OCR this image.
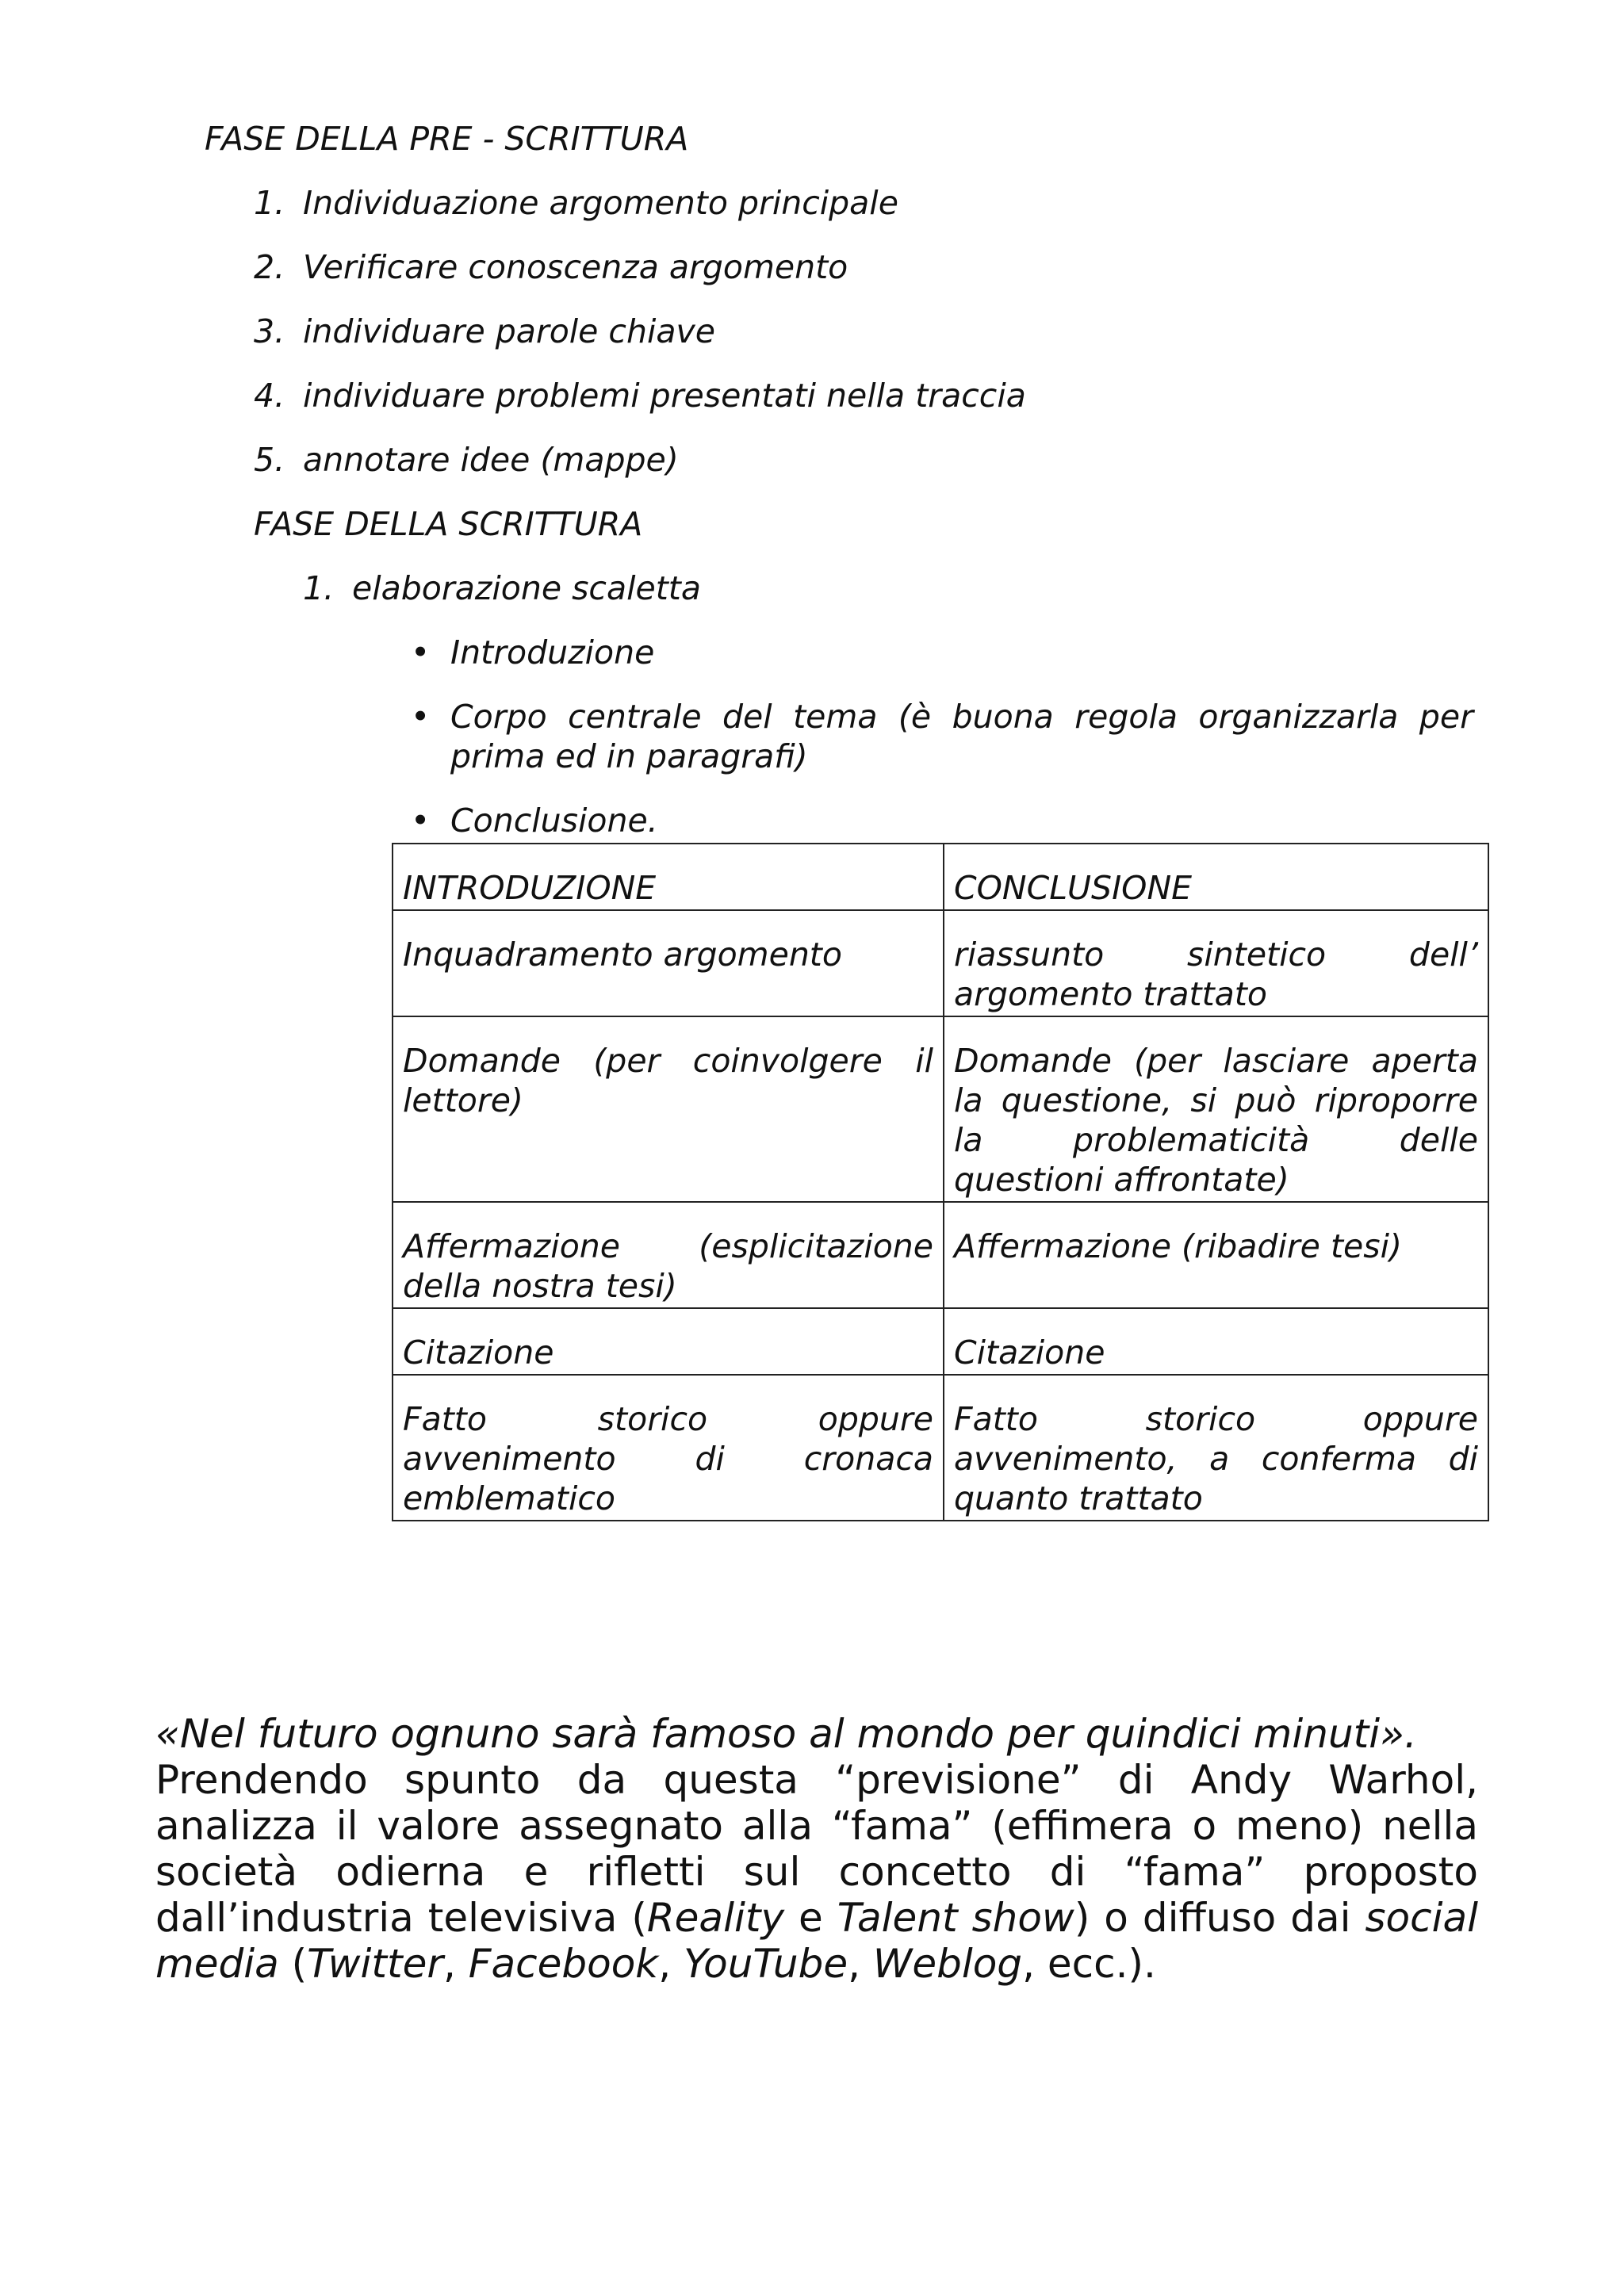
FASE DELLA PRE - SCRITTURA
1. Individuazione argomento principale
2. Verificare conoscenza argomento
3. individuare parole chiave
4. individuare problemi presentati nella traccia
5. annotare idee (mappe)
FASE DELLA SCRITTURA
1. elaborazione scaletta
• Introduzione
• Corpo centrale del tema (è buona regola organizzarla per prima ed in paragrafi)
• Conclusione.
INTRODUZIONE	CONCLUSIONE
Inquadramento argomento	riassunto sintetico dell’ argomento trattato
Domande (per coinvolgere il lettore)	Domande (per lasciare aperta la questione, si può riproporre la problematicità delle questioni affrontate)
Affermazione (esplicitazione della nostra tesi)	Affermazione (ribadire tesi)
Citazione	Citazione
Fatto storico oppure avvenimento di cronaca emblematico	Fatto storico oppure avvenimento, a conferma di quanto trattato
«Nel futuro ognuno sarà famoso al mondo per quindici minuti».
Prendendo spunto da questa “previsione” di Andy Warhol, analizza il valore assegnato alla “fama” (effimera o meno) nella società odierna e rifletti sul concetto di “fama” proposto dall’industria televisiva (Reality e Talent show) o diffuso dai social media (Twitter, Facebook, YouTube, Weblog, ecc.).
